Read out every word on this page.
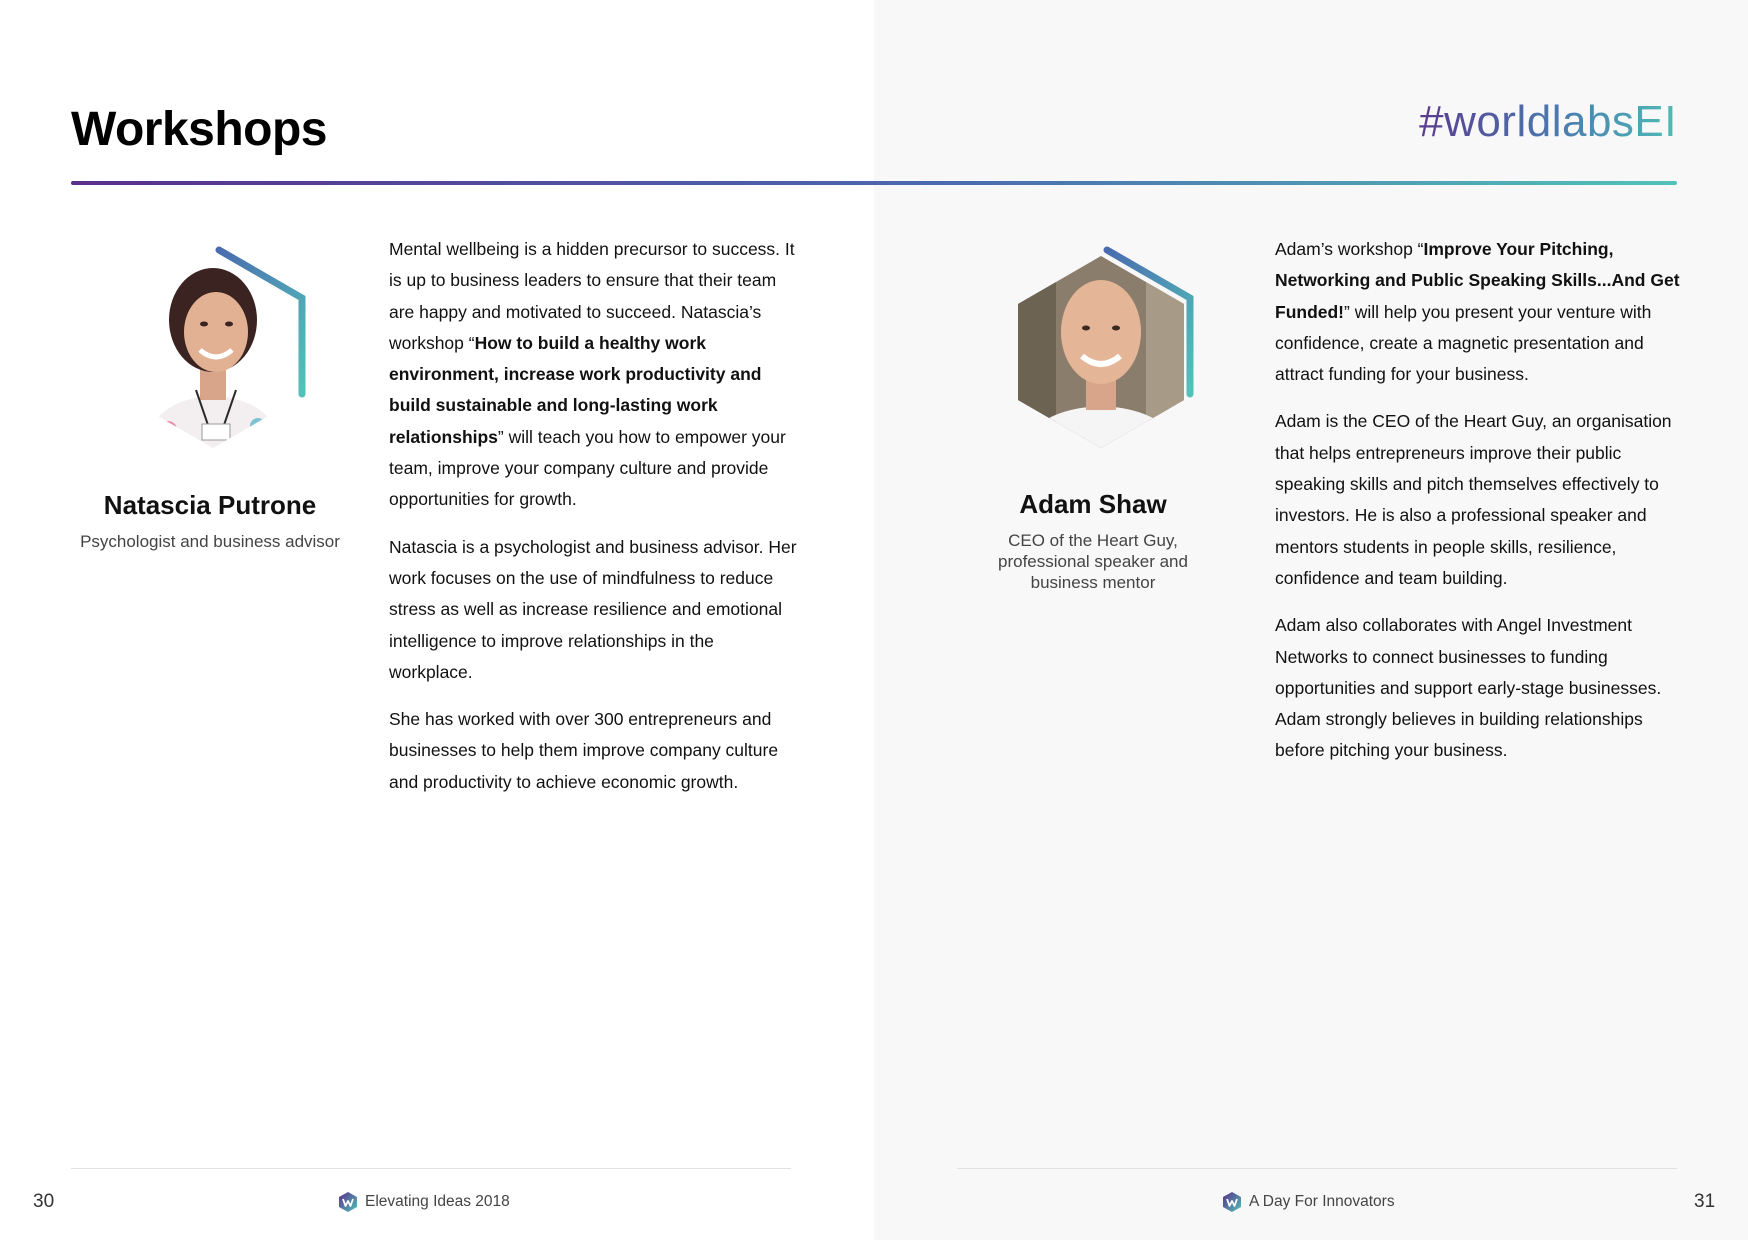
Workshops	#worldlabsEI
Natascia Putrone
Psychologist and business advisor

Mental wellbeing is a hidden precursor to success. It is up to business leaders to ensure that their team are happy and motivated to succeed. Natascia’s workshop “How to build a healthy work environment, increase work productivity and build sustainable and long-lasting work relationships” will teach you how to empower your team, improve your company culture and provide opportunities for growth.

Natascia is a psychologist and business advisor. Her work focuses on the use of mindfulness to reduce stress as well as increase resilience and emotional intelligence to improve relationships in the workplace.

She has worked with over 300 entrepreneurs and businesses to help them improve company culture and productivity to achieve economic growth.

Adam Shaw
CEO of the Heart Guy,
professional speaker and
business mentor

Adam’s workshop “Improve Your Pitching, Networking and Public Speaking Skills...And Get Funded!” will help you present your venture with confidence, create a magnetic presentation and attract funding for your business.

Adam is the CEO of the Heart Guy, an organisation that helps entrepreneurs improve their public speaking skills and pitch themselves effectively to investors. He is also a professional speaker and mentors students in people skills, resilience, confidence and team building.

Adam also collaborates with Angel Investment Networks to connect businesses to funding opportunities and support early-stage businesses. Adam strongly believes in building relationships before pitching your business.

30	Elevating Ideas 2018	A Day For Innovators	31
